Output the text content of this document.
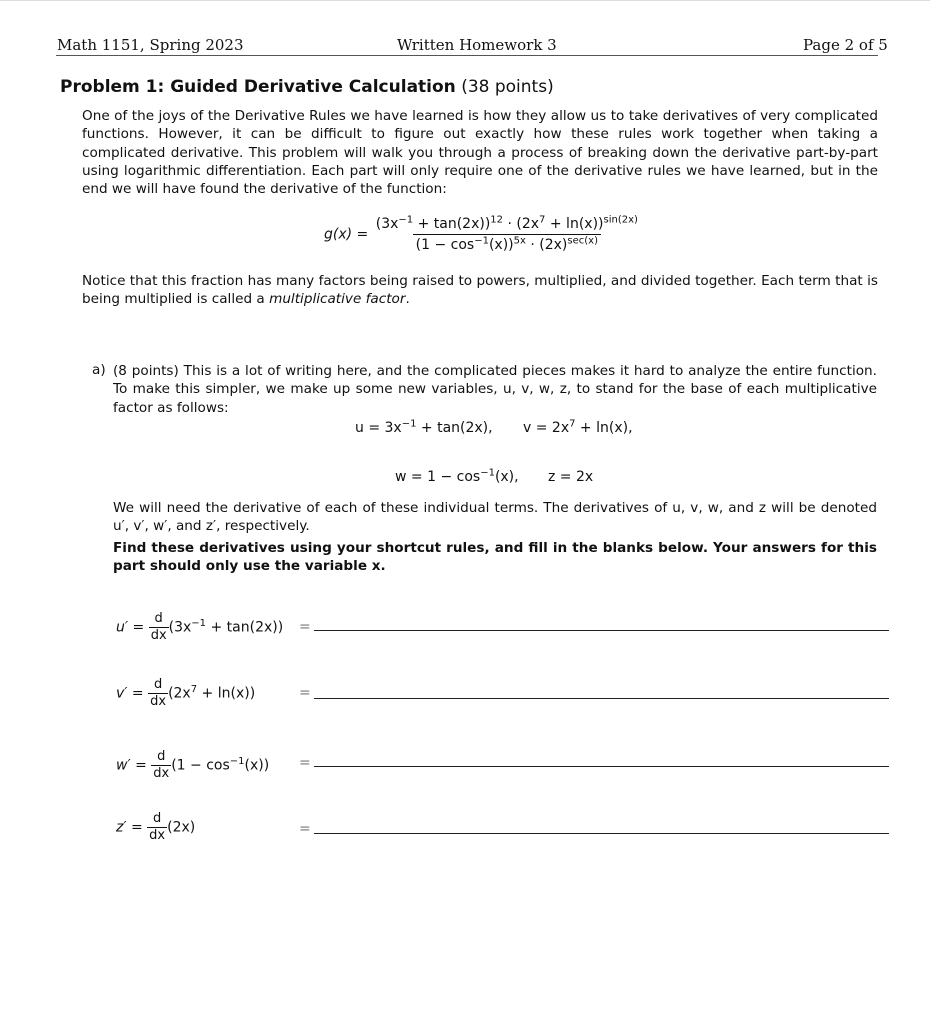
Math 1151, Spring 2023	Written Homework 3	Page 2 of 5
Problem 1: Guided Derivative Calculation (38 points)
One of the joys of the Derivative Rules we have learned is how they allow us to take derivatives of very complicated functions. However, it can be difficult to figure out exactly how these rules work together when taking a complicated derivative. This problem will walk you through a process of breaking down the derivative part-by-part using logarithmic differentiation. Each part will only require one of the derivative rules we have learned, but in the end we will have found the derivative of the function:
$g(x) = \frac{(3x^{-1} + \tan(2x))^{12} \cdot (2x^7 + \ln(x))^{sin(2x)}}{(1 - \cos^{-1}(x))^{5x} \cdot (2x)^{sec(x)}}$
Notice that this fraction has many factors being raised to powers, multiplied, and divided together. Each term that is being multiplied is called a multiplicative factor.
a) (8 points) This is a lot of writing here, and the complicated pieces makes it hard to analyze the entire function. To make this simpler, we make up some new variables, u, v, w, z, to stand for the base of each multiplicative factor as follows:
$u = 3x^{-1} + \tan(2x)$, $v = 2x^7 + \ln(x)$,
$w = 1 - \cos^{-1}(x)$, z = 2x
We will need the derivative of each of these individual terms. The derivatives of u, v, w, and z will be denoted u′, v′, w′, and z′, respectively.
Find these derivatives using your shortcut rules, and fill in the blanks below. Your answers for this part should only use the variable x.
$u' = \frac{d}{dx} (3x^{-1} + \tan(2x))$ =
$v' = \frac{d}{dx} (2x^7 + \ln(x))$	=
$w' = \frac{d}{dx} (1 - \cos^{-1}(x))$ =
$z' = \frac{d}{dx} (2x)$	=
